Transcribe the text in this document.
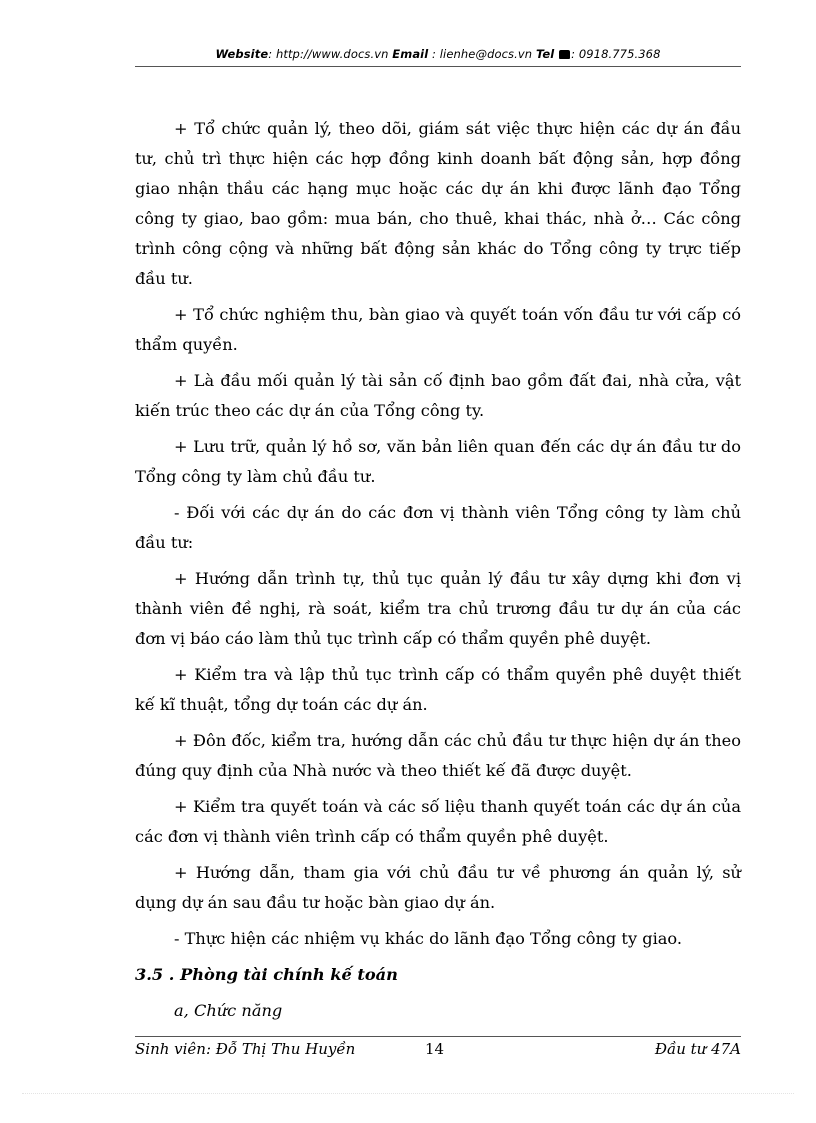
Website: http://www.docs.vn Email : lienhe@docs.vn Tel : 0918.775.368

+ Tổ chức quản lý, theo dõi, giám sát việc thực hiện các dự án đầu tư, chủ trì thực hiện các hợp đồng kinh doanh bất động sản, hợp đồng giao nhận thầu các hạng mục hoặc các dự án khi được lãnh đạo Tổng công ty giao, bao gồm: mua bán, cho thuê, khai thác, nhà ở… Các công trình công cộng và những bất động sản khác do Tổng công ty trực tiếp đầu tư.

+ Tổ chức nghiệm thu, bàn giao và quyết toán vốn đầu tư với cấp có thẩm quyền.

+ Là đầu mối quản lý tài sản cố định bao gồm đất đai, nhà cửa, vật kiến trúc theo các dự án của Tổng công ty.

+ Lưu trữ, quản lý hồ sơ, văn bản liên quan đến các dự án đầu tư do Tổng công ty làm chủ đầu tư.

- Đối với các dự án do các đơn vị thành viên Tổng công ty làm chủ đầu tư:

+ Hướng dẫn trình tự, thủ tục quản lý đầu tư xây dựng khi đơn vị thành viên đề nghị, rà soát, kiểm tra chủ trương đầu tư dự án của các đơn vị báo cáo làm thủ tục trình cấp có thẩm quyền phê duyệt.

+ Kiểm tra và lập thủ tục trình cấp có thẩm quyền phê duyệt thiết kế kĩ thuật, tổng dự toán các dự án.

+ Đôn đốc, kiểm tra, hướng dẫn các chủ đầu tư thực hiện dự án theo đúng quy định của Nhà nước và theo thiết kế đã được duyệt.

+ Kiểm tra quyết toán và các số liệu thanh quyết toán các dự án của các đơn vị thành viên trình cấp có thẩm quyền phê duyệt.

+ Hướng dẫn, tham gia với chủ đầu tư về phương án quản lý, sử dụng dự án sau đầu tư hoặc bàn giao dự án.

- Thực hiện các nhiệm vụ khác do lãnh đạo Tổng công ty giao.

3.5 . Phòng tài chính kế toán

a, Chức năng

Sinh viên: Đỗ Thị Thu Huyền	14	Đầu tư 47A
